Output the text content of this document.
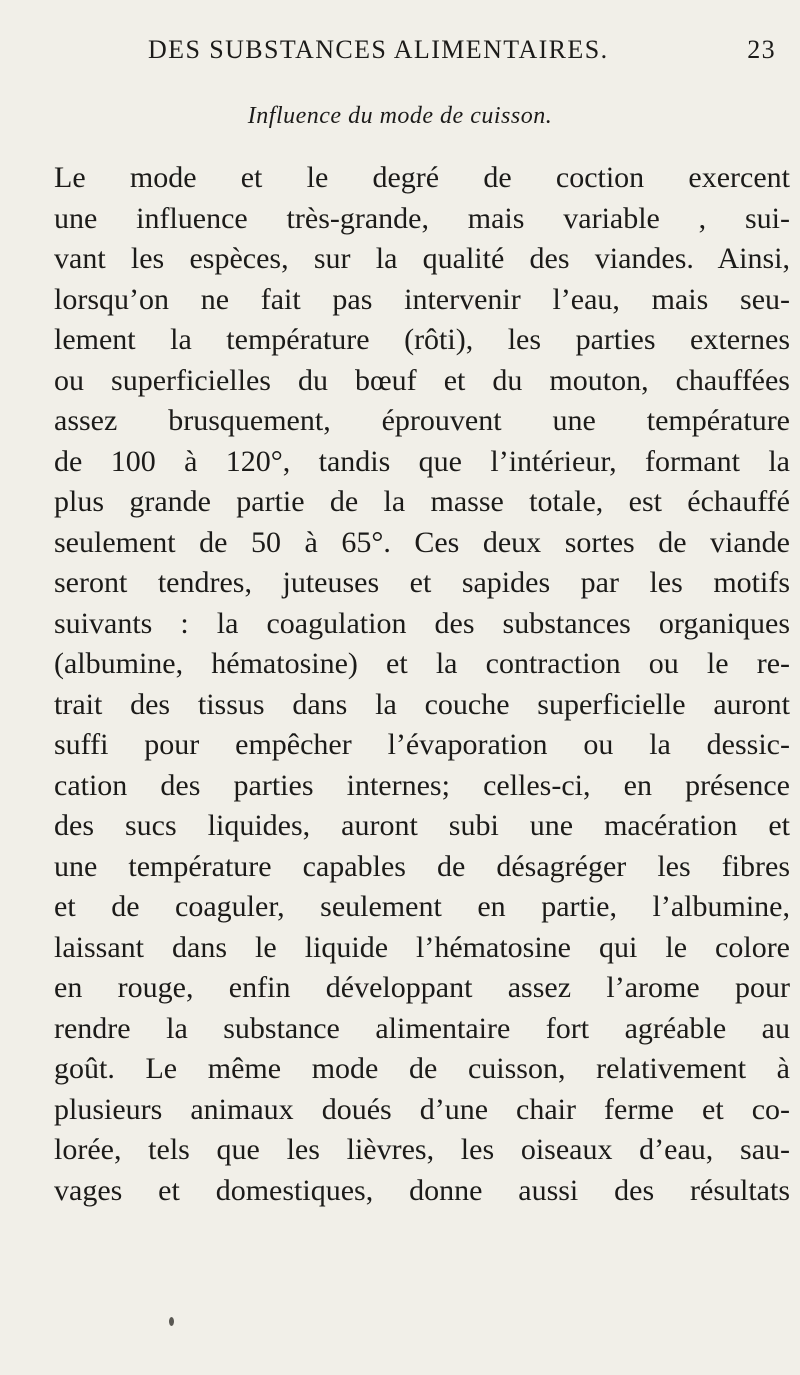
DES SUBSTANCES ALIMENTAIRES.	23
Influence du mode de cuisson.
Le mode et le degré de coction exercent
une influence très-grande, mais variable , sui-
vant les espèces, sur la qualité des viandes. Ainsi,
lorsqu’on ne fait pas intervenir l’eau, mais seu-
lement la température (rôti), les parties externes
ou superficielles du bœuf et du mouton, chauffées
assez brusquement, éprouvent une température
de 100 à 120°, tandis que l’intérieur, formant la
plus grande partie de la masse totale, est échauffé
seulement de 50 à 65°. Ces deux sortes de viande
seront tendres, juteuses et sapides par les motifs
suivants : la coagulation des substances organiques
(albumine, hématosine) et la contraction ou le re-
trait des tissus dans la couche superficielle auront
suffi pour empêcher l’évaporation ou la dessic-
cation des parties internes; celles-ci, en présence
des sucs liquides, auront subi une macération et
une température capables de désagréger les fibres
et de coaguler, seulement en partie, l’albumine,
laissant dans le liquide l’hématosine qui le colore
en rouge, enfin développant assez l’arome pour
rendre la substance alimentaire fort agréable au
goût. Le même mode de cuisson, relativement à
plusieurs animaux doués d’une chair ferme et co-
lorée, tels que les lièvres, les oiseaux d’eau, sau-
vages et domestiques, donne aussi des résultats
